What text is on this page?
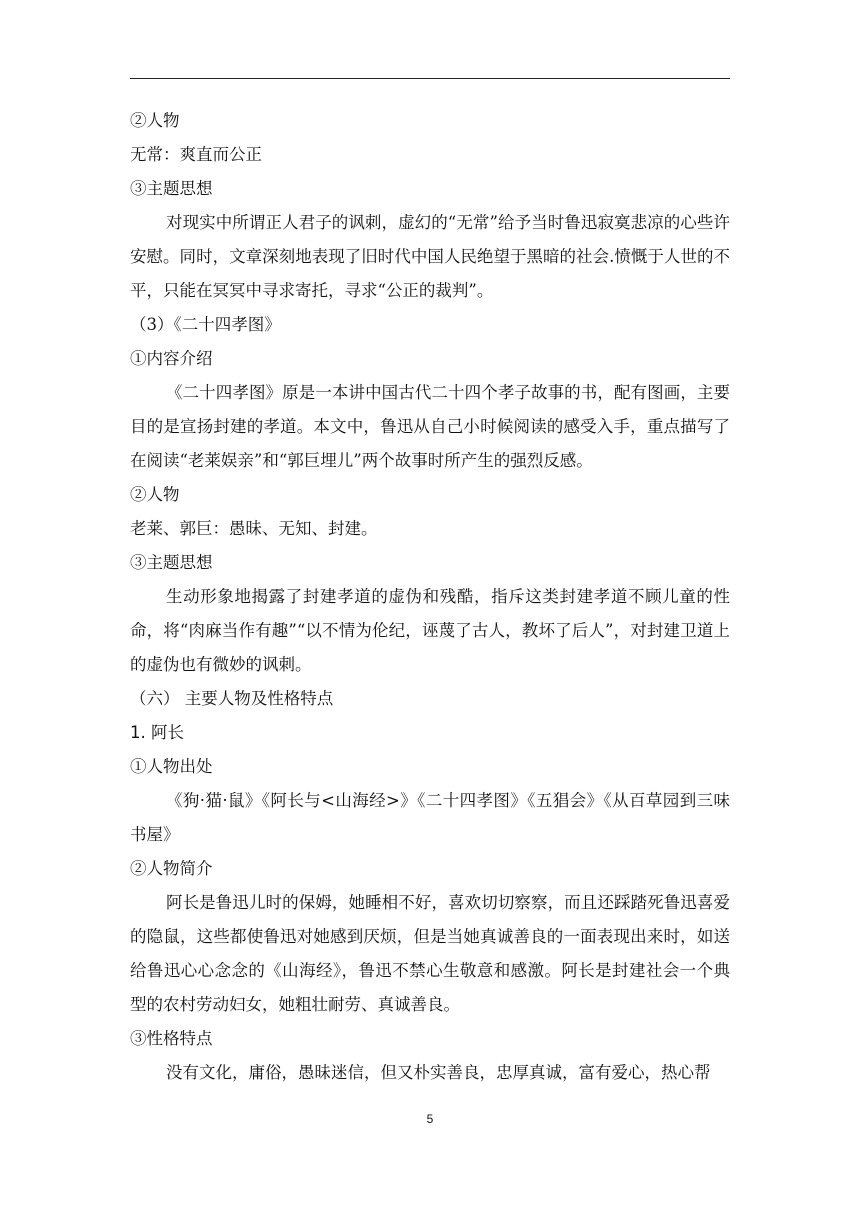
②人物
无常：爽直而公正
③主题思想
对现实中所谓正人君子的讽刺，虚幻的“无常”给予当时鲁迅寂寞悲凉的心些许安慰。同时，文章深刻地表现了旧时代中国人民绝望于黑暗的社会.愤慨于人世的不平，只能在冥冥中寻求寄托，寻求“公正的裁判”。
（3）《二十四孝图》
①内容介绍
《二十四孝图》原是一本讲中国古代二十四个孝子故事的书，配有图画，主要目的是宣扬封建的孝道。本文中，鲁迅从自己小时候阅读的感受入手，重点描写了在阅读“老莱娱亲”和“郭巨埋儿”两个故事时所产生的强烈反感。
②人物
老莱、郭巨：愚昧、无知、封建。
③主题思想
生动形象地揭露了封建孝道的虚伪和残酷，指斥这类封建孝道不顾儿童的性命，将“肉麻当作有趣”“以不情为伦纪，诬蔑了古人，教坏了后人”，对封建卫道上的虚伪也有微妙的讽刺。
（六） 主要人物及性格特点
1. 阿长
①人物出处
《狗·猫·鼠》《阿长与<山海经>》《二十四孝图》《五猖会》《从百草园到三味书屋》
②人物简介
阿长是鲁迅儿时的保姆，她睡相不好，喜欢切切察察，而且还踩踏死鲁迅喜爱的隐鼠，这些都使鲁迅对她感到厌烦，但是当她真诚善良的一面表现出来时，如送给鲁迅心心念念的《山海经》，鲁迅不禁心生敬意和感激。阿长是封建社会一个典型的农村劳动妇女，她粗壮耐劳、真诚善良。
③性格特点
没有文化，庸俗，愚昧迷信，但又朴实善良，忠厚真诚，富有爱心，热心帮
5
